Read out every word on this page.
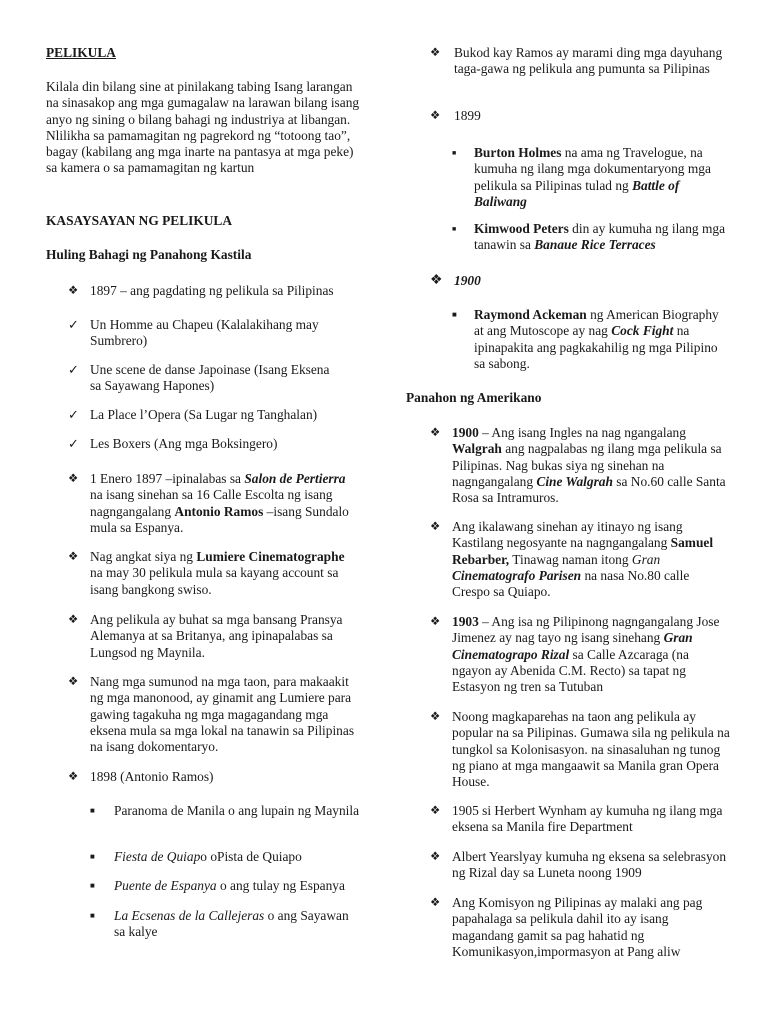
PELIKULA
Kilala din bilang sine at pinilakang tabing Isang larangan na sinasakop ang mga gumagalaw na larawan bilang isang anyo ng sining o bilang bahagi ng industriya at libangan. Nlilikha sa pamamagitan ng pagrekord ng “totoong tao”, bagay (kabilang ang mga inarte na pantasya at mga peke) sa kamera o sa pamamagitan ng kartun
KASAYSAYAN NG PELIKULA
Huling Bahagi ng Panahong Kastila
❖ 1897 – ang pagdating ng pelikula sa Pilipinas
✓ Un Homme au Chapeu (Kalalakihang may Sumbrero)
✓ Une scene de danse Japoinase (Isang Eksena sa Sayawang Hapones)
✓ La Place l’Opera (Sa Lugar ng Tanghalan)
✓ Les Boxers (Ang mga Boksingero)
❖ 1 Enero 1897 –ipinalabas sa Salon de Pertierra na isang sinehan sa 16 Calle Escolta ng isang nagngangalang Antonio Ramos –isang Sundalo mula sa Espanya.
❖ Nag angkat siya ng Lumiere Cinematographe na may 30 pelikula mula sa kayang account sa isang bangkong swiso.
❖ Ang pelikula ay buhat sa mga bansang Pransya Alemanya at sa Britanya, ang ipinapalabas sa Lungsod ng Maynila.
❖ Nang mga sumunod na mga taon, para makaakit ng mga manonood, ay ginamit ang Lumiere para gawing tagakuha ng mga magagandang mga eksena mula sa mga lokal na tanawin sa Pilipinas na isang dokomentaryo.
❖ 1898 (Antonio Ramos)
■ Paranoma de Manila o ang lupain ng Maynila
■ Fiesta de Quiapo oPista de Quiapo
■ Puente de Espanya o ang tulay ng Espanya
■ La Ecsenas de la Callejeras o ang Sayawan sa kalye
❖ Bukod kay Ramos ay marami ding mga dayuhang taga-gawa ng pelikula ang pumunta sa Pilipinas
❖ 1899
■ Burton Holmes na ama ng Travelogue, na kumuha ng ilang mga dokumentaryong mga pelikula sa Pilipinas tulad ng Battle of Baliwang
■ Kimwood Peters din ay kumuha ng ilang mga tanawin sa Banaue Rice Terraces
❖ 1900
■ Raymond Ackeman ng American Biography at ang Mutoscope ay nag Cock Fight na ipinapakita ang pagkakahilig ng mga Pilipino sa sabong.
Panahon ng Amerikano
❖ 1900 – Ang isang Ingles na nag ngangalang Walgrah ang nagpalabas ng ilang mga pelikula sa Pilipinas. Nag bukas siya ng sinehan na nagngangalang Cine Walgrah sa No.60 calle Santa Rosa sa Intramuros.
❖ Ang ikalawang sinehan ay itinayo ng isang Kastilang negosyante na nagngangalang Samuel Rebarber, Tinawag naman itong Gran Cinematografo Parisen na nasa No.80 calle Crespo sa Quiapo.
❖ 1903 – Ang isa ng Pilipinong nagngangalang Jose Jimenez ay nag tayo ng isang sinehang Gran Cinematograpo Rizal sa Calle Azcaraga (na ngayon ay Abenida C.M. Recto) sa tapat ng Estasyon ng tren sa Tutuban
❖ Noong magkaparehas na taon ang pelikula ay popular na sa Pilipinas. Gumawa sila ng pelikula na tungkol sa Kolonisasyon. na sinasaluhan ng tunog ng piano at mga mangaawit sa Manila gran Opera House.
❖ 1905 si Herbert Wynham ay kumuha ng ilang mga eksena sa Manila fire Department
❖ Albert Yearslyay kumuha ng eksena sa selebrasyon ng Rizal day sa Luneta noong 1909
❖ Ang Komisyon ng Pilipinas ay malaki ang pag papahalaga sa pelikula dahil ito ay isang magandang gamit sa pag hahatid ng Komunikasyon,impormasyon at Pang aliw
